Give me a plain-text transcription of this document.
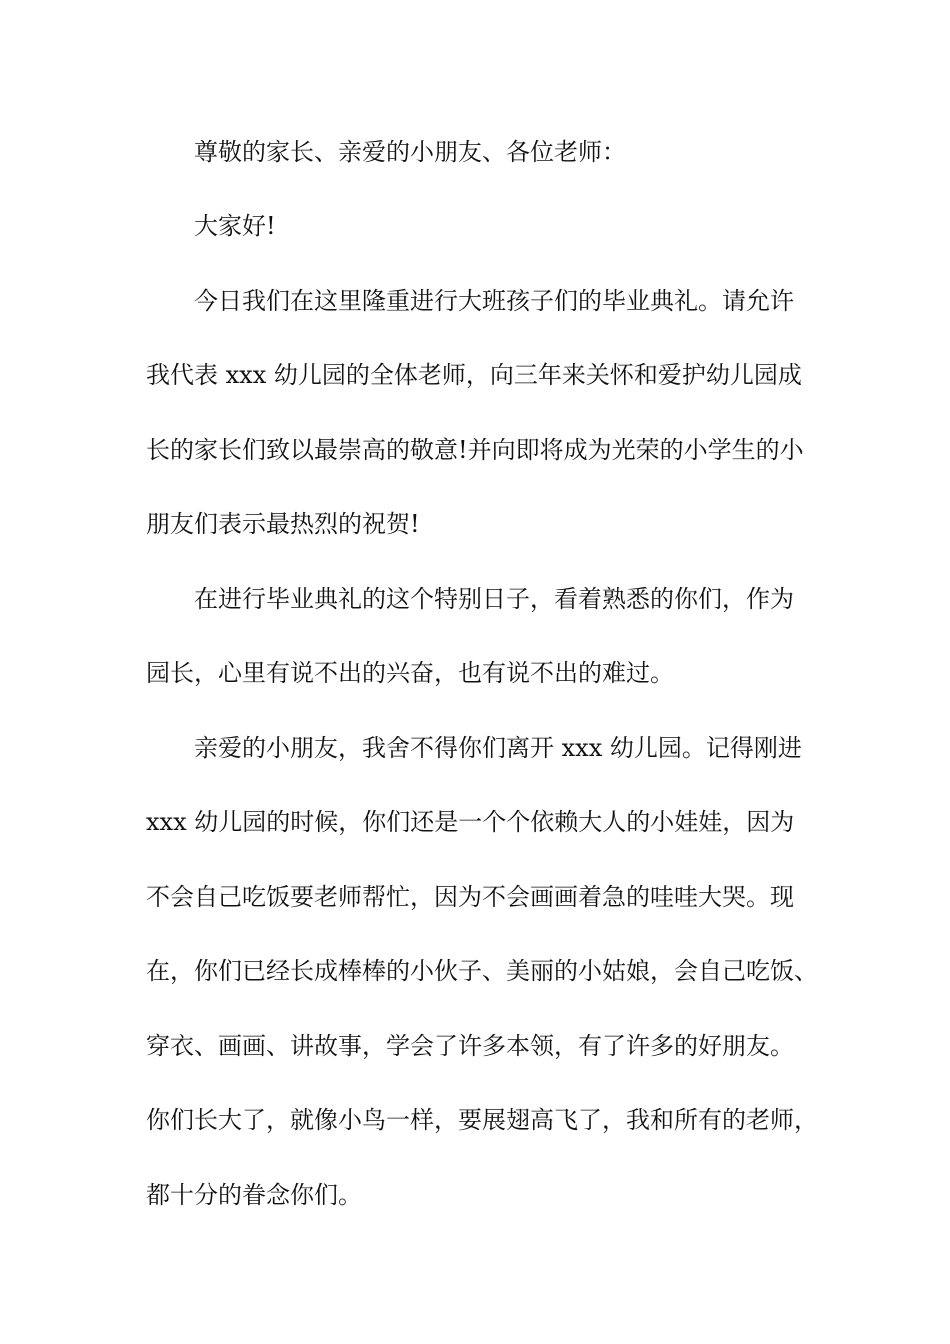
尊敬的家长、亲爱的小朋友、各位老师：
大家好!
今日我们在这里隆重进行大班孩子们的毕业典礼。请允许
我代表 xxx 幼儿园的全体老师，向三年来关怀和爱护幼儿园成
长的家长们致以最崇高的敬意!并向即将成为光荣的小学生的小
朋友们表示最热烈的祝贺!
在进行毕业典礼的这个特别日子，看着熟悉的你们，作为
园长，心里有说不出的兴奋，也有说不出的难过。
亲爱的小朋友，我舍不得你们离开 xxx 幼儿园。记得刚进
xxx 幼儿园的时候，你们还是一个个依赖大人的小娃娃，因为
不会自己吃饭要老师帮忙，因为不会画画着急的哇哇大哭。现
在，你们已经长成棒棒的小伙子、美丽的小姑娘，会自己吃饭、
穿衣、画画、讲故事，学会了许多本领，有了许多的好朋友。
你们长大了，就像小鸟一样，要展翅高飞了，我和所有的老师，
都十分的眷念你们。
